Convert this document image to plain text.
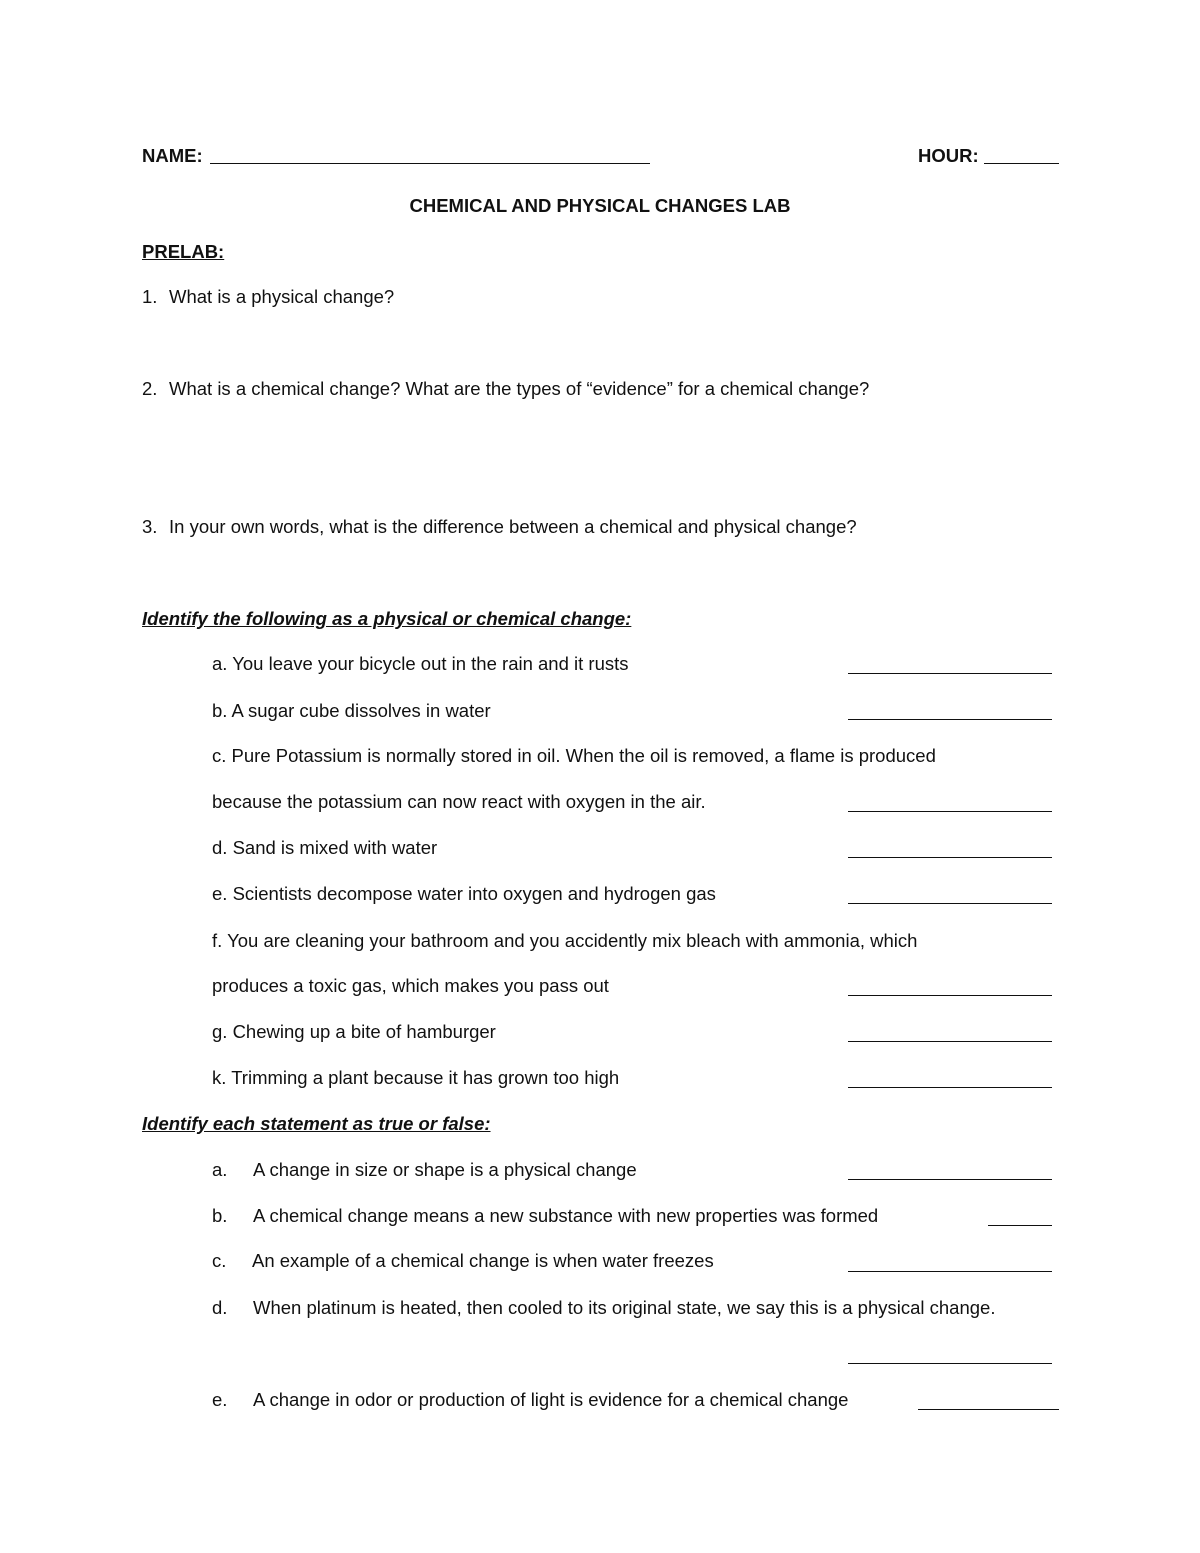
NAME:	HOUR:
CHEMICAL AND PHYSICAL CHANGES LAB
PRELAB:
1. What is a physical change?
2. What is a chemical change? What are the types of “evidence” for a chemical change?
3. In your own words, what is the difference between a chemical and physical change?
Identify the following as a physical or chemical change:
a. You leave your bicycle out in the rain and it rusts
b. A sugar cube dissolves in water
c. Pure Potassium is normally stored in oil. When the oil is removed, a flame is produced
because the potassium can now react with oxygen in the air.
d. Sand is mixed with water
e. Scientists decompose water into oxygen and hydrogen gas
f. You are cleaning your bathroom and you accidently mix bleach with ammonia, which
produces a toxic gas, which makes you pass out
g. Chewing up a bite of hamburger
k. Trimming a plant because it has grown too high
Identify each statement as true or false:
a. A change in size or shape is a physical change
b. A chemical change means a new substance with new properties was formed
c. An example of a chemical change is when water freezes
d. When platinum is heated, then cooled to its original state, we say this is a physical change.
e. A change in odor or production of light is evidence for a chemical change
